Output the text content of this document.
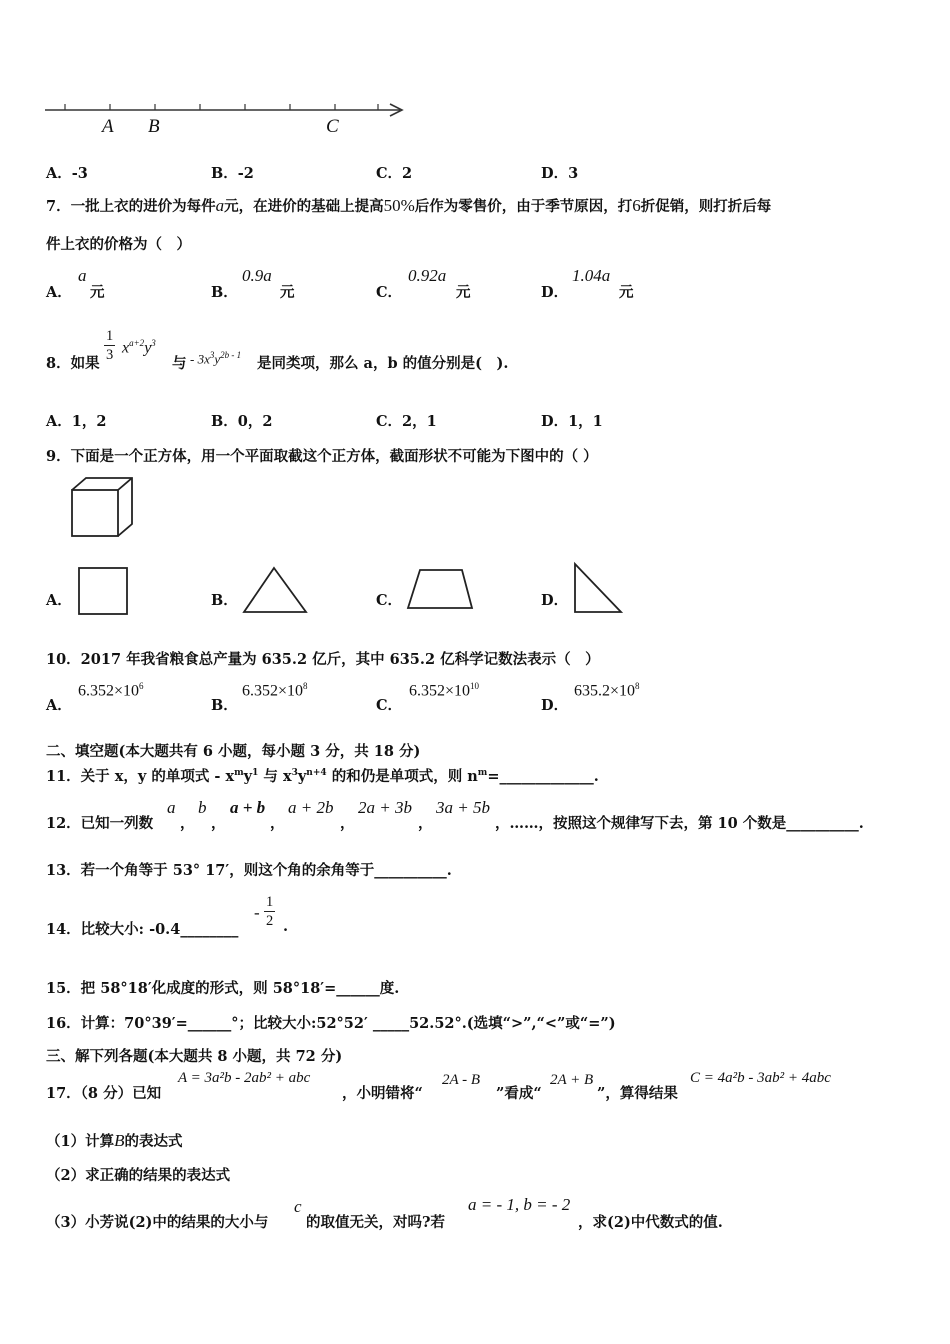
A B	C
A．-3	B．-2	C．2	D．3
7．一批上衣的进价为每件a元，在进价的基础上提高50%后作为零售价，由于季节原因，打6折促销，则打折后每
件上衣的价格为（　）
A．
a
元	B．
0.9a
元	C．
0.92a
元	D．
1.04a
元
8．如果 $\frac{1}{3} x^{a+2}y^3$
与 - $3x^3y^{2b - 1}$ 是同类项，那么 a，b 的值分别是(　).
A．1，2	B．0，2	C．2，1	D．1，1
9．下面是一个正方体，用一个平面取截这个正方体，截面形状不可能为下图中的（ ）
A．	B．	C．	D．
10．2017 年我省粮食总产量为 635.2 亿斤，其中 635.2 亿科学记数法表示（　）
A．
$6.352\times 10^6$
B．
$6.352\times 10^8$
C．
$6.352\times 10^{10}$
D．
$635.2\times 10^8$
二、填空题(本大题共有 6 小题，每小题 3 分，共 18 分)
11．关于 x，y 的单项式 - $x^my^1$ 与 $x^3y^{n+4}$ 的和仍是单项式，则 $n^m=\_\_\_\_\_\_\_\_\_\_\_\_\_$.
12．已知一列数
a
，
b
，
a + b
，
a + 2b
，
2a + 3b
，
3a + 5b
，……，按照这个规律写下去，第 10 个数是__________.
13．若一个角等于 53° 17′，则这个角的余角等于__________.
14．比较大小: -0.4________
- $\frac{1}{2}$ .
15．把 58°18′化成度的形式，则 58°18′=______度.
16．计算：70°39′=______°；比较大小:52°52′ _____52.52°.(选填“>”,“<”或“=”)
三、解下列各题(本大题共 8 小题，共 72 分)
17．（8 分）已知
A = 3a²b - 2ab² + abc
，小明错将“
2A - B
”看成“
2A + B
”，算得结果
C = 4a²b - 3ab² + 4abc
（1）计算B的表达式
（2）求正确的结果的表达式
（3）小芳说(2)中的结果的大小与
c
的取值无关，对吗?若
a = - 1, b = - 2
，求(2)中代数式的值.
